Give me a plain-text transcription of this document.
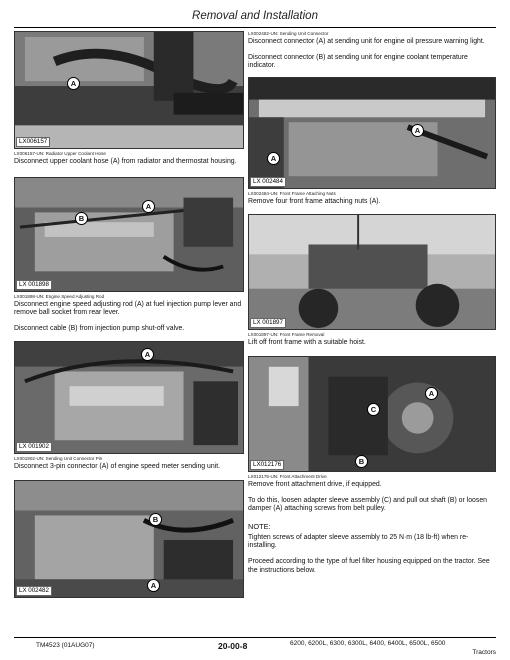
Removal and Installation
A
LX006157
LX006157-UN: Radiator Upper Coolant Hose

Disconnect upper coolant hose (A) from radiator and thermostat housing.

A
B
LX 001898
LX001898-UN: Engine Speed Adjusting Rod

Disconnect engine speed adjusting rod (A) at fuel injection pump lever and remove ball socket from rear lever.

Disconnect cable (B) from injection pump shut-off valve.

A
LX 001902
LX001902-UN: Sending Unit Connector Pin

Disconnect 3-pin connector (A) of engine speed meter sending unit.

B
A
LX 002482
LX002482-UN: Sending Unit Connector

Disconnect connector (A) at sending unit for engine oil pressure warning light.

Disconnect connector (B) at sending unit for engine coolant temperature indicator.

A
A
LX 002484
LX002484-UN: Front Frame Attaching Nuts

Remove four front frame attaching nuts (A).

LX 001897
LX001897-UN: Front Frame Removal

Lift off front frame with a suitable hoist.

A
C
B
LX012176
LX012176-UN: Front Attachment Drive

Remove front attachment drive, if equipped.

To do this, loosen adapter sleeve assembly (C) and pull out shaft (B) or loosen damper (A) attaching screws from belt pulley.

NOTE:

Tighten screws of adapter sleeve assembly to 25 N·m (18 lb-ft) when re-installing.

Proceed according to the type of fuel filter housing equipped on the tractor. See the instructions below.

TM4523 (01AUG07)	20-00-8	6200, 6200L, 6300, 6300L, 6400, 6400L, 6500L, 6500
Tractors
